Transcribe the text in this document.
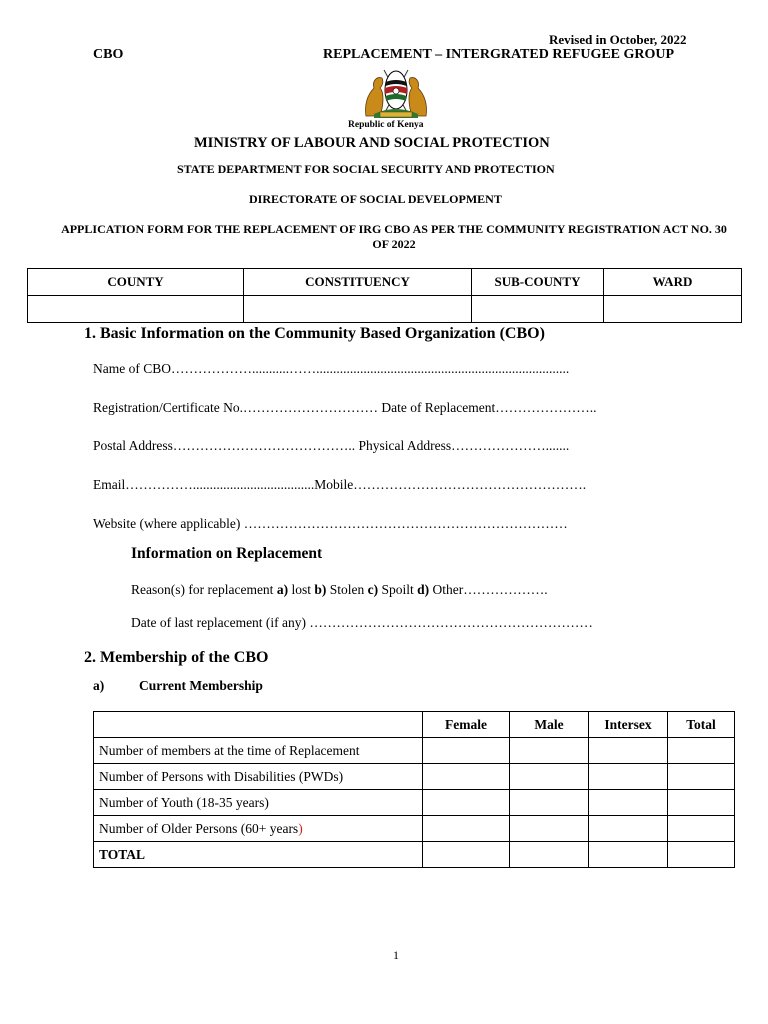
Revised in October, 2022
CBO	REPLACEMENT – INTERGRATED REFUGEE GROUP
Republic of Kenya
MINISTRY OF LABOUR AND SOCIAL PROTECTION
STATE DEPARTMENT FOR SOCIAL SECURITY AND PROTECTION
DIRECTORATE OF SOCIAL DEVELOPMENT
APPLICATION FORM FOR THE REPLACEMENT OF IRG CBO AS PER THE COMMUNITY REGISTRATION ACT NO. 30 OF 2022
COUNTY	CONSTITUENCY	SUB-COUNTY	WARD

1. Basic Information on the Community Based Organization (CBO)
Name of CBO………………...........……...........................................................................
Registration/Certificate No.………………………… Date of Replacement…………………..
Postal Address………………………………….. Physical Address………………….......
Email……………....................................Mobile…………………………………………….
Website (where applicable) ………………………………………………………………
Information on Replacement
Reason(s) for replacement a) lost b) Stolen c) Spoilt d) Other……………….
Date of last replacement (if any) ………………………………………………………
2. Membership of the CBO
a)	Current Membership
	Female	Male	Intersex	Total
Number of members at the time of Replacement				
Number of Persons with Disabilities (PWDs)				
Number of Youth (18-35 years)				
Number of Older Persons (60+ years)				
TOTAL				
1
